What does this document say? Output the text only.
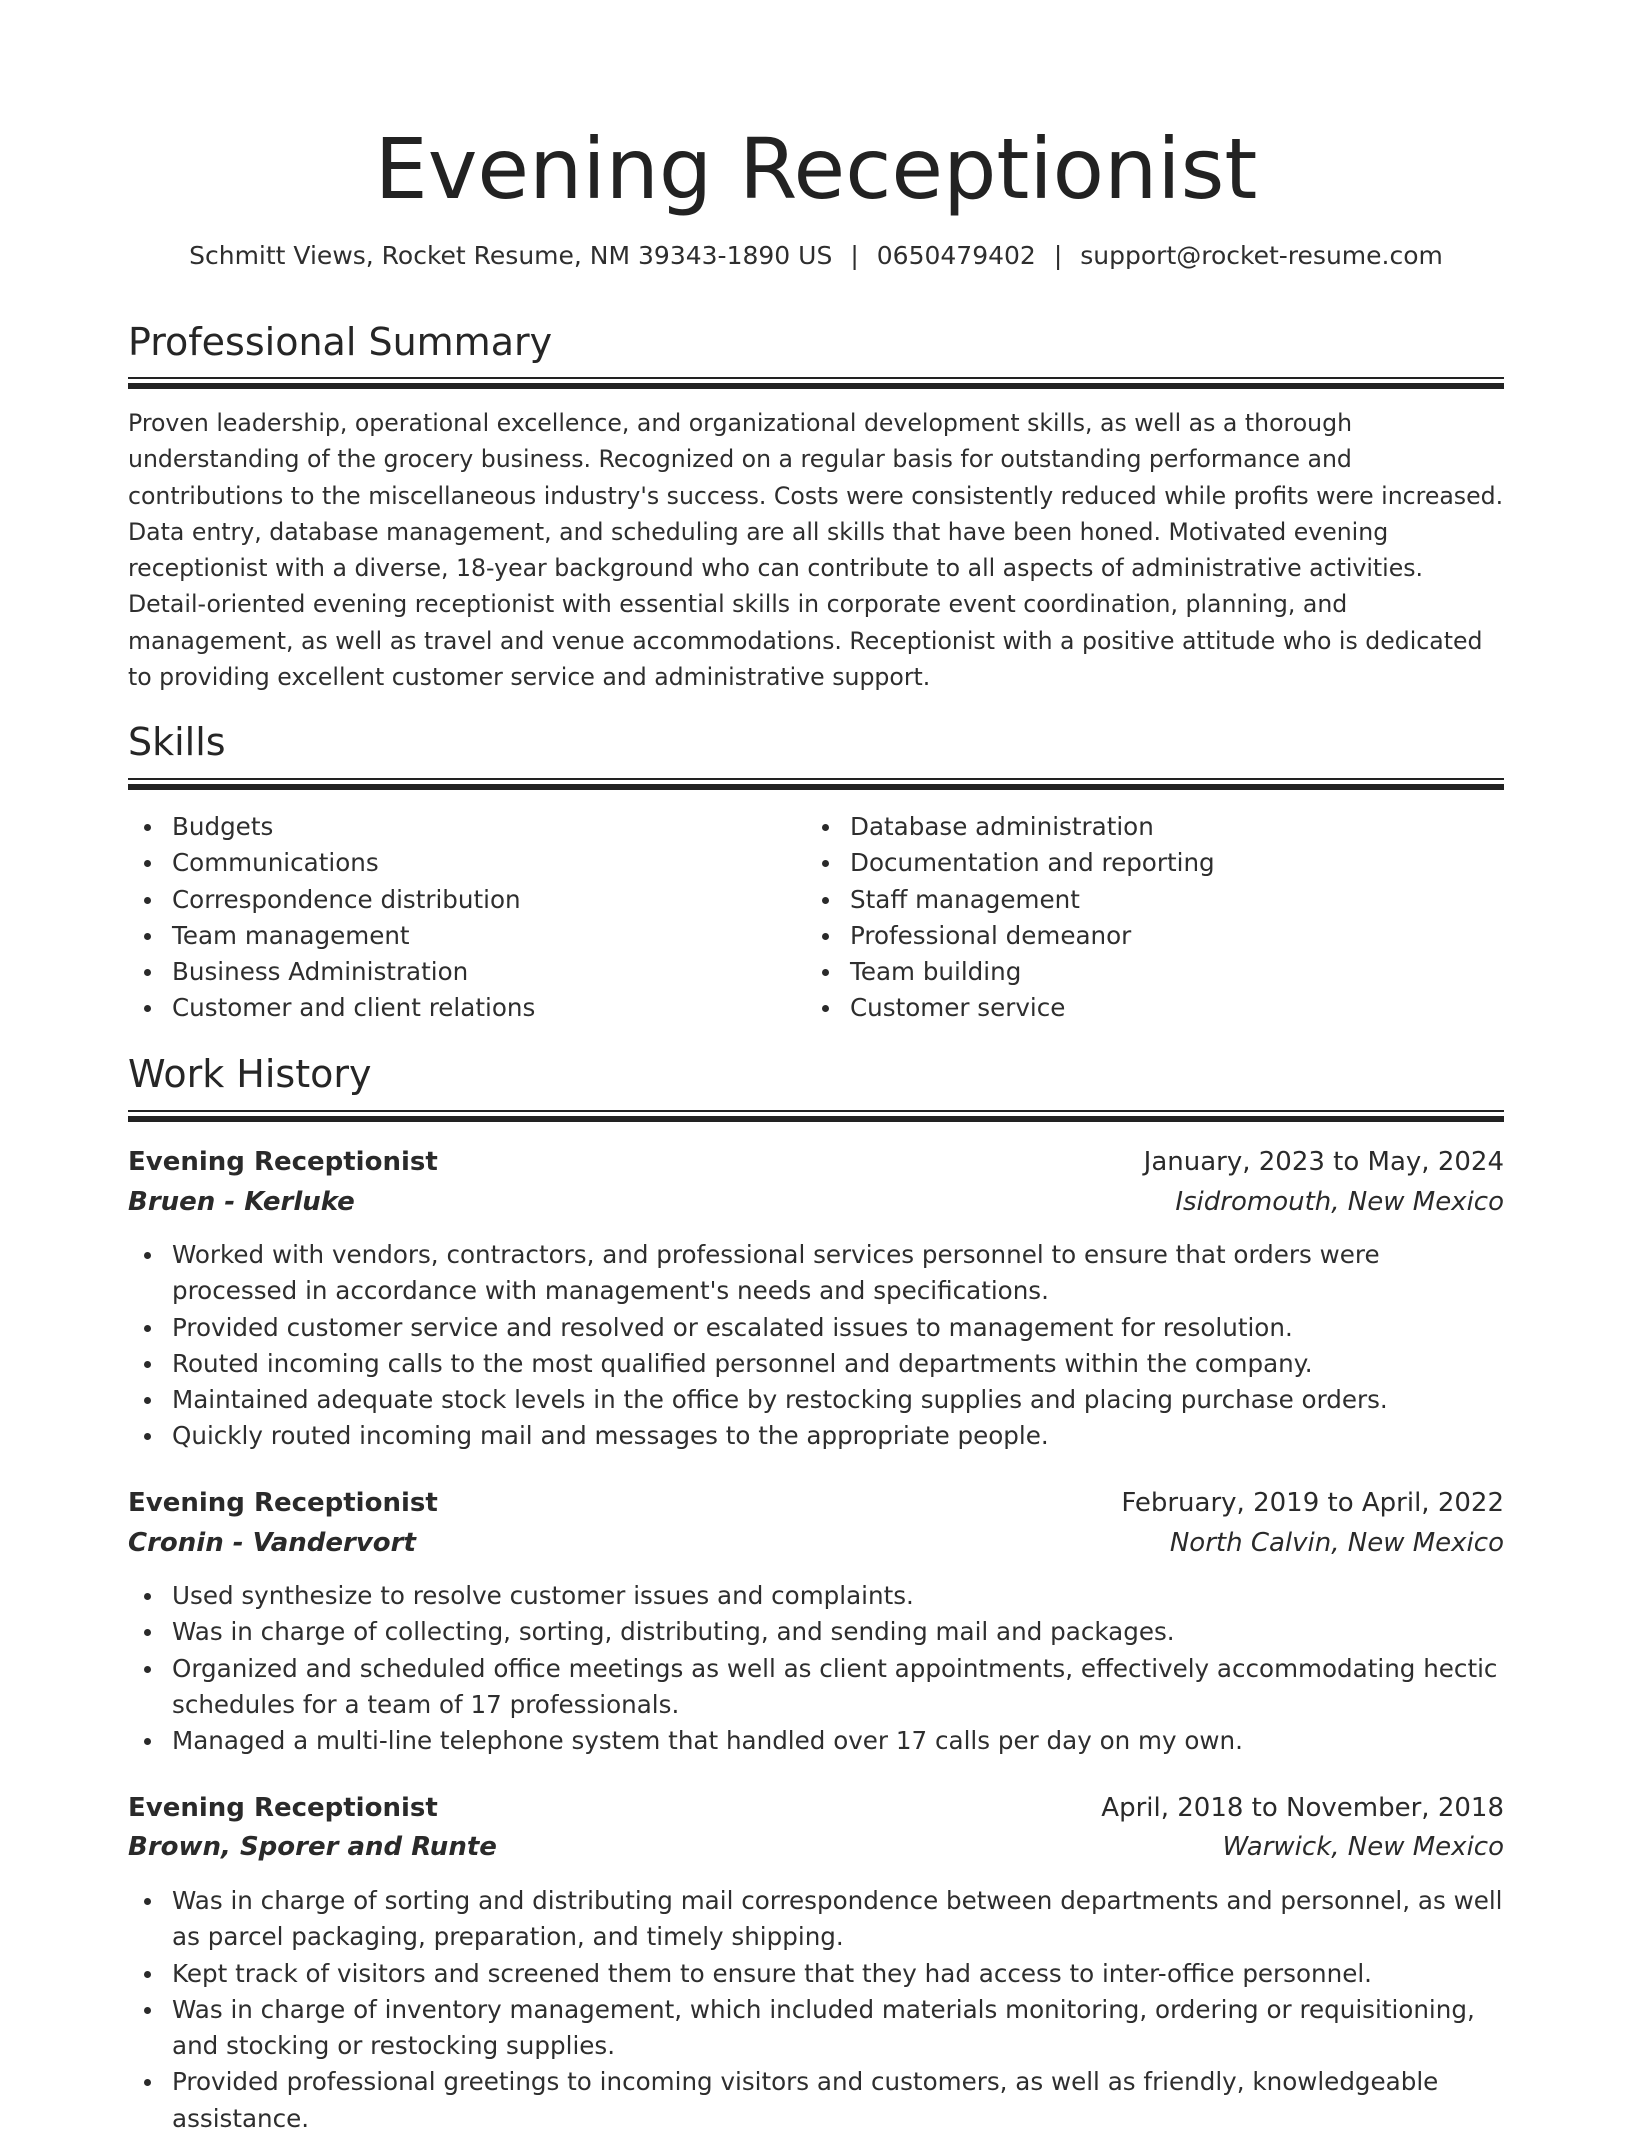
Evening Receptionist
Schmitt Views, Rocket Resume, NM 39343-1890 US | 0650479402 | support@rocket-resume.com
Professional Summary

Proven leadership, operational excellence, and organizational development skills, as well as a thorough understanding of the grocery business. Recognized on a regular basis for outstanding performance and contributions to the miscellaneous industry's success. Costs were consistently reduced while profits were increased. Data entry, database management, and scheduling are all skills that have been honed. Motivated evening receptionist with a diverse, 18-year background who can contribute to all aspects of administrative activities. Detail-oriented evening receptionist with essential skills in corporate event coordination, planning, and management, as well as travel and venue accommodations. Receptionist with a positive attitude who is dedicated to providing excellent customer service and administrative support.

Skills
Budgets
Communications
Correspondence distribution
Team management
Business Administration
Customer and client relations
Database administration
Documentation and reporting
Staff management
Professional demeanor
Team building
Customer service
Work History
Evening Receptionist	January, 2023 to May, 2024
Bruen - Kerluke	Isidromouth, New Mexico
Worked with vendors, contractors, and professional services personnel to ensure that orders were processed in accordance with management's needs and specifications.
Provided customer service and resolved or escalated issues to management for resolution.
Routed incoming calls to the most qualified personnel and departments within the company.
Maintained adequate stock levels in the office by restocking supplies and placing purchase orders.
Quickly routed incoming mail and messages to the appropriate people.
Evening Receptionist	February, 2019 to April, 2022
Cronin - Vandervort	North Calvin, New Mexico
Used synthesize to resolve customer issues and complaints.
Was in charge of collecting, sorting, distributing, and sending mail and packages.
Organized and scheduled office meetings as well as client appointments, effectively accommodating hectic schedules for a team of 17 professionals.
Managed a multi-line telephone system that handled over 17 calls per day on my own.
Evening Receptionist	April, 2018 to November, 2018
Brown, Sporer and Runte	Warwick, New Mexico
Was in charge of sorting and distributing mail correspondence between departments and personnel, as well as parcel packaging, preparation, and timely shipping.
Kept track of visitors and screened them to ensure that they had access to inter-office personnel.
Was in charge of inventory management, which included materials monitoring, ordering or requisitioning, and stocking or restocking supplies.
Provided professional greetings to incoming visitors and customers, as well as friendly, knowledgeable assistance.
